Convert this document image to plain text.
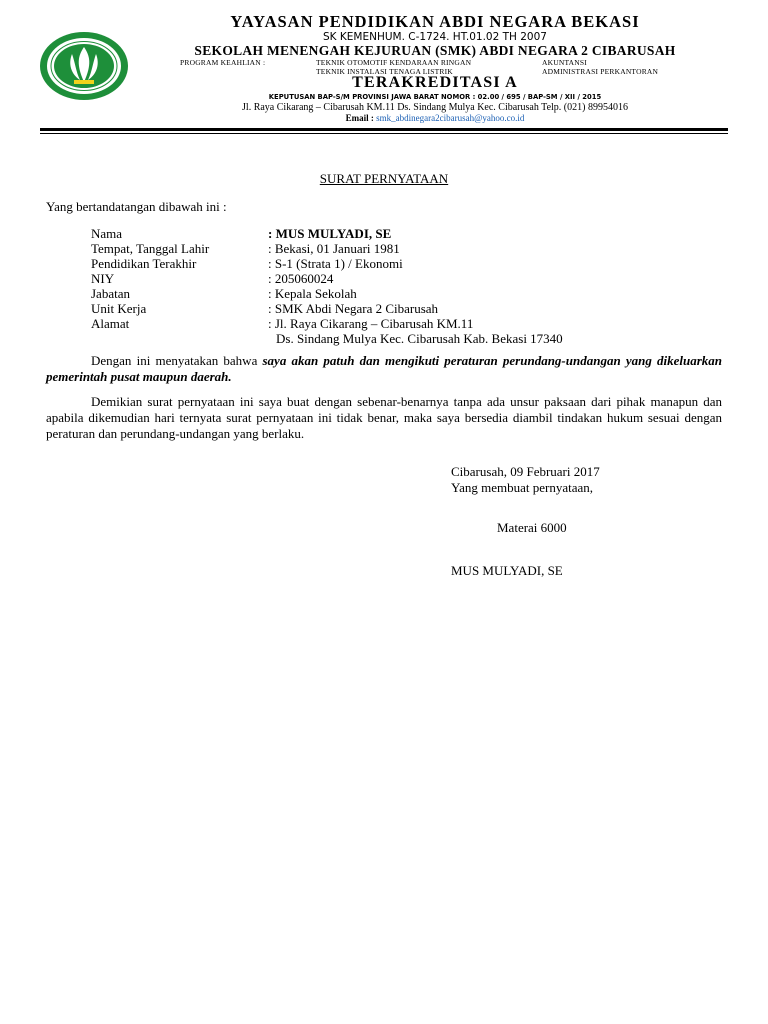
YAYASAN PENDIDIKAN ABDI NEGARA BEKASI
SK KEMENHUM. C-1724. HT.01.02 TH 2007
SEKOLAH MENENGAH KEJURUAN (SMK) ABDI NEGARA 2 CIBARUSAH
PROGRAM KEAHLIAN :	TEKNIK OTOMOTIF KENDARAAN RINGAN
TEKNIK INSTALASI TENAGA LISTRIK
AKUNTANSI
ADMINISTRASI PERKANTORAN
TERAKREDITASI A
KEPUTUSAN BAP-S/M PROVINSI JAWA BARAT NOMOR : 02.00 / 695 / BAP-SM / XII / 2015
Jl. Raya Cikarang – Cibarusah KM.11 Ds. Sindang Mulya Kec. Cibarusah Telp. (021) 89954016
Email : smk_abdinegara2cibarusah@yahoo.co.id
SURAT PERNYATAAN
Yang bertandatangan dibawah ini :
Nama	: MUS MULYADI, SE
Tempat, Tanggal Lahir	: Bekasi, 01 Januari 1981
Pendidikan Terakhir	: S-1 (Strata 1) / Ekonomi
NIY	: 205060024
Jabatan	: Kepala Sekolah
Unit Kerja	: SMK Abdi Negara 2 Cibarusah
Alamat	: Jl. Raya Cikarang – Cibarusah KM.11
Ds. Sindang Mulya Kec. Cibarusah Kab. Bekasi 17340
Dengan ini menyatakan bahwa saya akan patuh dan mengikuti peraturan perundang-undangan yang dikeluarkan pemerintah pusat maupun daerah.
Demikian surat pernyataan ini saya buat dengan sebenar-benarnya tanpa ada unsur paksaan dari pihak manapun dan apabila dikemudian hari ternyata surat pernyataan ini tidak benar, maka saya bersedia diambil tindakan hukum sesuai dengan peraturan dan perundang-undangan yang berlaku.
Cibarusah, 09 Februari 2017
Yang membuat pernyataan,
Materai 6000
MUS MULYADI, SE
